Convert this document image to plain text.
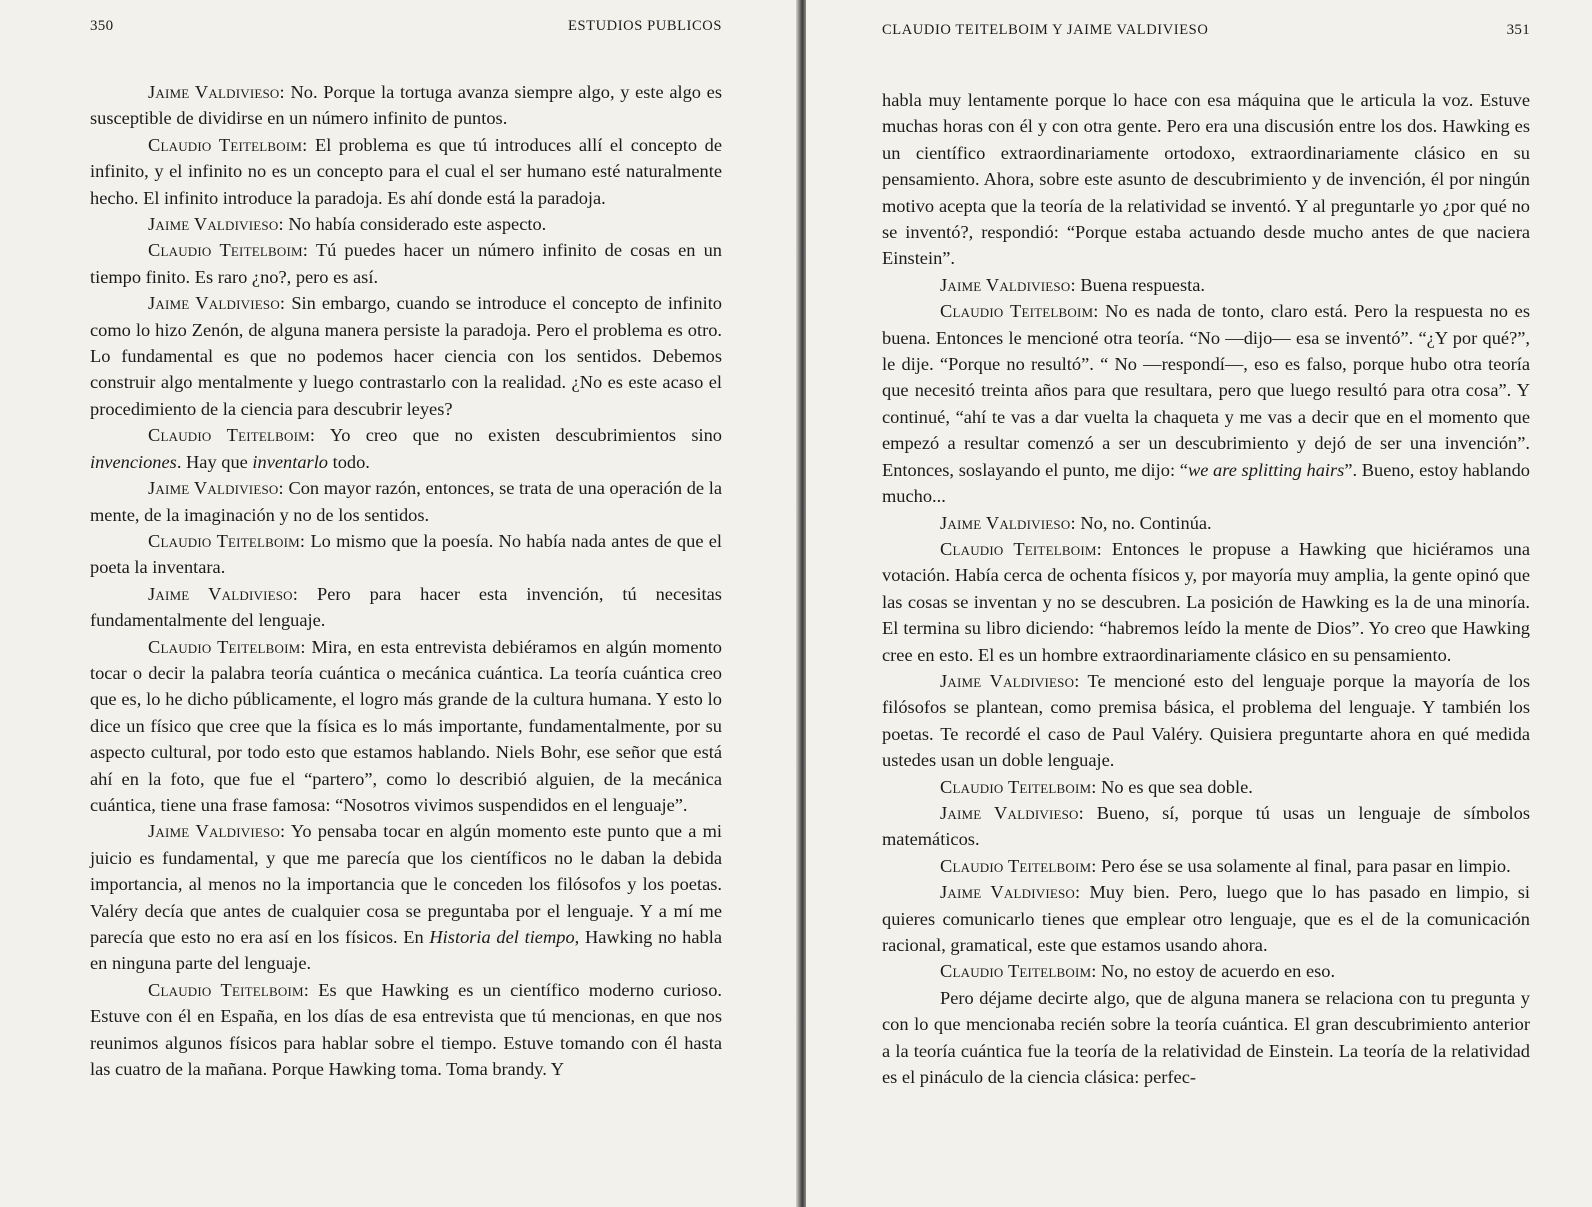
350	ESTUDIOS PUBLICOS

Jaime Valdivieso: No. Porque la tortuga avanza siempre algo, y este algo es susceptible de dividirse en un número infinito de puntos.

Claudio Teitelboim: El problema es que tú introduces allí el concepto de infinito, y el infinito no es un concepto para el cual el ser humano esté naturalmente hecho. El infinito introduce la paradoja. Es ahí donde está la paradoja.

Jaime Valdivieso: No había considerado este aspecto.

Claudio Teitelboim: Tú puedes hacer un número infinito de cosas en un tiempo finito. Es raro ¿no?, pero es así.

Jaime Valdivieso: Sin embargo, cuando se introduce el concepto de infinito como lo hizo Zenón, de alguna manera persiste la paradoja. Pero el problema es otro. Lo fundamental es que no podemos hacer ciencia con los sentidos. Debemos construir algo mentalmente y luego contrastarlo con la realidad. ¿No es este acaso el procedimiento de la ciencia para descubrir leyes?

Claudio Teitelboim: Yo creo que no existen descubrimientos sino invenciones. Hay que inventarlo todo.

Jaime Valdivieso: Con mayor razón, entonces, se trata de una operación de la mente, de la imaginación y no de los sentidos.

Claudio Teitelboim: Lo mismo que la poesía. No había nada antes de que el poeta la inventara.

Jaime Valdivieso: Pero para hacer esta invención, tú necesitas fundamentalmente del lenguaje.

Claudio Teitelboim: Mira, en esta entrevista debiéramos en algún momento tocar o decir la palabra teoría cuántica o mecánica cuántica. La teoría cuántica creo que es, lo he dicho públicamente, el logro más grande de la cultura humana. Y esto lo dice un físico que cree que la física es lo más importante, fundamentalmente, por su aspecto cultural, por todo esto que estamos hablando. Niels Bohr, ese señor que está ahí en la foto, que fue el “partero”, como lo describió alguien, de la mecánica cuántica, tiene una frase famosa: “Nosotros vivimos suspendidos en el lenguaje”.

Jaime Valdivieso: Yo pensaba tocar en algún momento este punto que a mi juicio es fundamental, y que me parecía que los científicos no le daban la debida importancia, al menos no la importancia que le conceden los filósofos y los poetas. Valéry decía que antes de cualquier cosa se preguntaba por el lenguaje. Y a mí me parecía que esto no era así en los físicos. En Historia del tiempo, Hawking no habla en ninguna parte del lenguaje.

Claudio Teitelboim: Es que Hawking es un científico moderno curioso. Estuve con él en España, en los días de esa entrevista que tú mencionas, en que nos reunimos algunos físicos para hablar sobre el tiempo. Estuve tomando con él hasta las cuatro de la mañana. Porque Hawking toma. Toma brandy. Y

CLAUDIO TEITELBOIM Y JAIME VALDIVIESO	351

habla muy lentamente porque lo hace con esa máquina que le articula la voz. Estuve muchas horas con él y con otra gente. Pero era una discusión entre los dos. Hawking es un científico extraordinariamente ortodoxo, extraordinariamente clásico en su pensamiento. Ahora, sobre este asunto de descubrimiento y de invención, él por ningún motivo acepta que la teoría de la relatividad se inventó. Y al preguntarle yo ¿por qué no se inventó?, respondió: “Porque estaba actuando desde mucho antes de que naciera Einstein”.

Jaime Valdivieso: Buena respuesta.

Claudio Teitelboim: No es nada de tonto, claro está. Pero la respuesta no es buena. Entonces le mencioné otra teoría. “No —dijo— esa se inventó”. “¿Y por qué?”, le dije. “Porque no resultó”. “ No —respondí—, eso es falso, porque hubo otra teoría que necesitó treinta años para que resultara, pero que luego resultó para otra cosa”. Y continué, “ahí te vas a dar vuelta la chaqueta y me vas a decir que en el momento que empezó a resultar comenzó a ser un descubrimiento y dejó de ser una invención”. Entonces, soslayando el punto, me dijo: “we are splitting hairs”. Bueno, estoy hablando mucho...

Jaime Valdivieso: No, no. Continúa.

Claudio Teitelboim: Entonces le propuse a Hawking que hiciéramos una votación. Había cerca de ochenta físicos y, por mayoría muy amplia, la gente opinó que las cosas se inventan y no se descubren. La posición de Hawking es la de una minoría. El termina su libro diciendo: “habremos leído la mente de Dios”. Yo creo que Hawking cree en esto. El es un hombre extraordinariamente clásico en su pensamiento.

Jaime Valdivieso: Te mencioné esto del lenguaje porque la mayoría de los filósofos se plantean, como premisa básica, el problema del lenguaje. Y también los poetas. Te recordé el caso de Paul Valéry. Quisiera preguntarte ahora en qué medida ustedes usan un doble lenguaje.

Claudio Teitelboim: No es que sea doble.

Jaime Valdivieso: Bueno, sí, porque tú usas un lenguaje de símbolos matemáticos.

Claudio Teitelboim: Pero ése se usa solamente al final, para pasar en limpio.

Jaime Valdivieso: Muy bien. Pero, luego que lo has pasado en limpio, si quieres comunicarlo tienes que emplear otro lenguaje, que es el de la comunicación racional, gramatical, este que estamos usando ahora.

Claudio Teitelboim: No, no estoy de acuerdo en eso.

Pero déjame decirte algo, que de alguna manera se relaciona con tu pregunta y con lo que mencionaba recién sobre la teoría cuántica. El gran descubrimiento anterior a la teoría cuántica fue la teoría de la relatividad de Einstein. La teoría de la relatividad es el pináculo de la ciencia clásica: perfec-
